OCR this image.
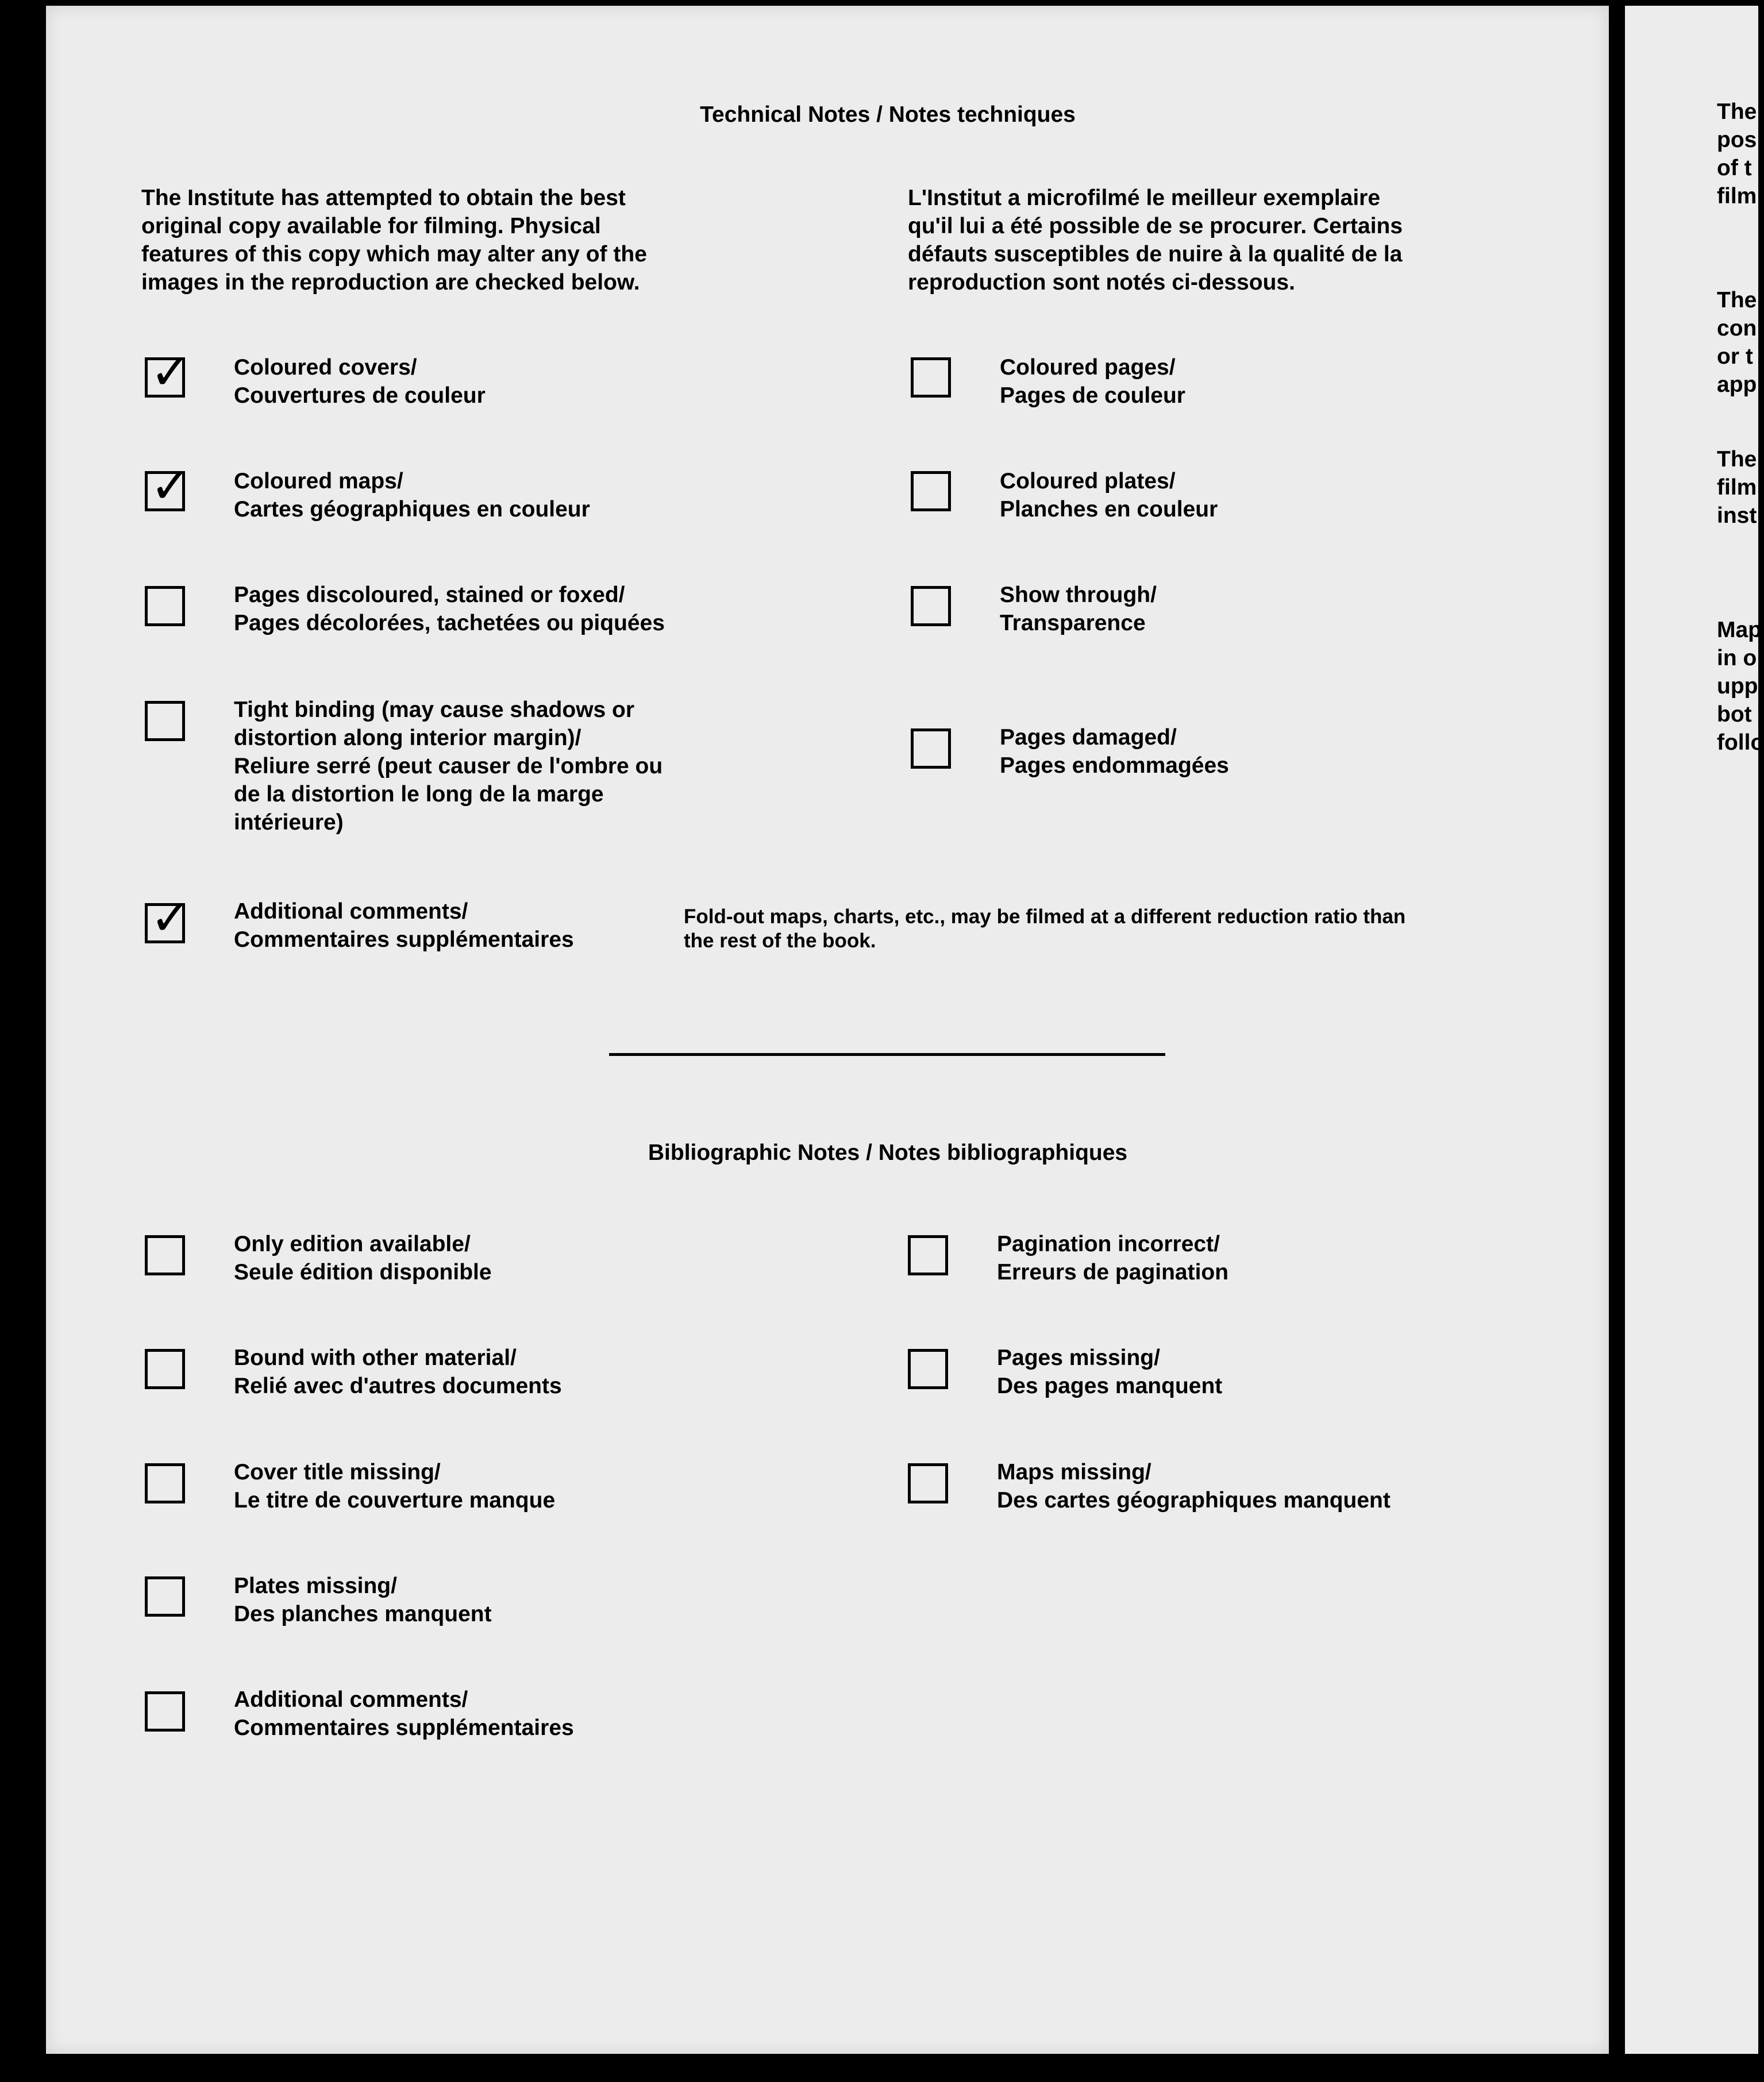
Technical Notes / Notes techniques

The Institute has attempted to obtain the best
original copy available for filming. Physical
features of this copy which may alter any of the
images in the reproduction are checked below.

L'Institut a microfilmé le meilleur exemplaire
qu'il lui a été possible de se procurer. Certains
défauts susceptibles de nuire à la qualité de la
reproduction sont notés ci-dessous.

✓ Coloured covers/
Couvertures de couleur

✓ Coloured maps/
Cartes géographiques en couleur

Pages discoloured, stained or foxed/
Pages décolorées, tachetées ou piquées

Tight binding (may cause shadows or
distortion along interior margin)/
Reliure serré (peut causer de l'ombre ou
de la distortion le long de la marge
intérieure)

Coloured pages/
Pages de couleur

Coloured plates/
Planches en couleur

Show through/
Transparence

Pages damaged/
Pages endommagées

✓ Additional comments/
Commentaires supplémentaires

Fold-out maps, charts, etc., may be filmed at a different reduction ratio than
the rest of the book.

Bibliographic Notes / Notes bibliographiques

Only edition available/
Seule édition disponible

Bound with other material/
Relié avec d'autres documents

Cover title missing/
Le titre de couverture manque

Plates missing/
Des planches manquent

Additional comments/
Commentaires supplémentaires

Pagination incorrect/
Erreurs de pagination

Pages missing/
Des pages manquent

Maps missing/
Des cartes géographiques manquent

The
pos
of t
film

The
con
or t
app

The
film
inst

Map
in o
upp
bot
follo
